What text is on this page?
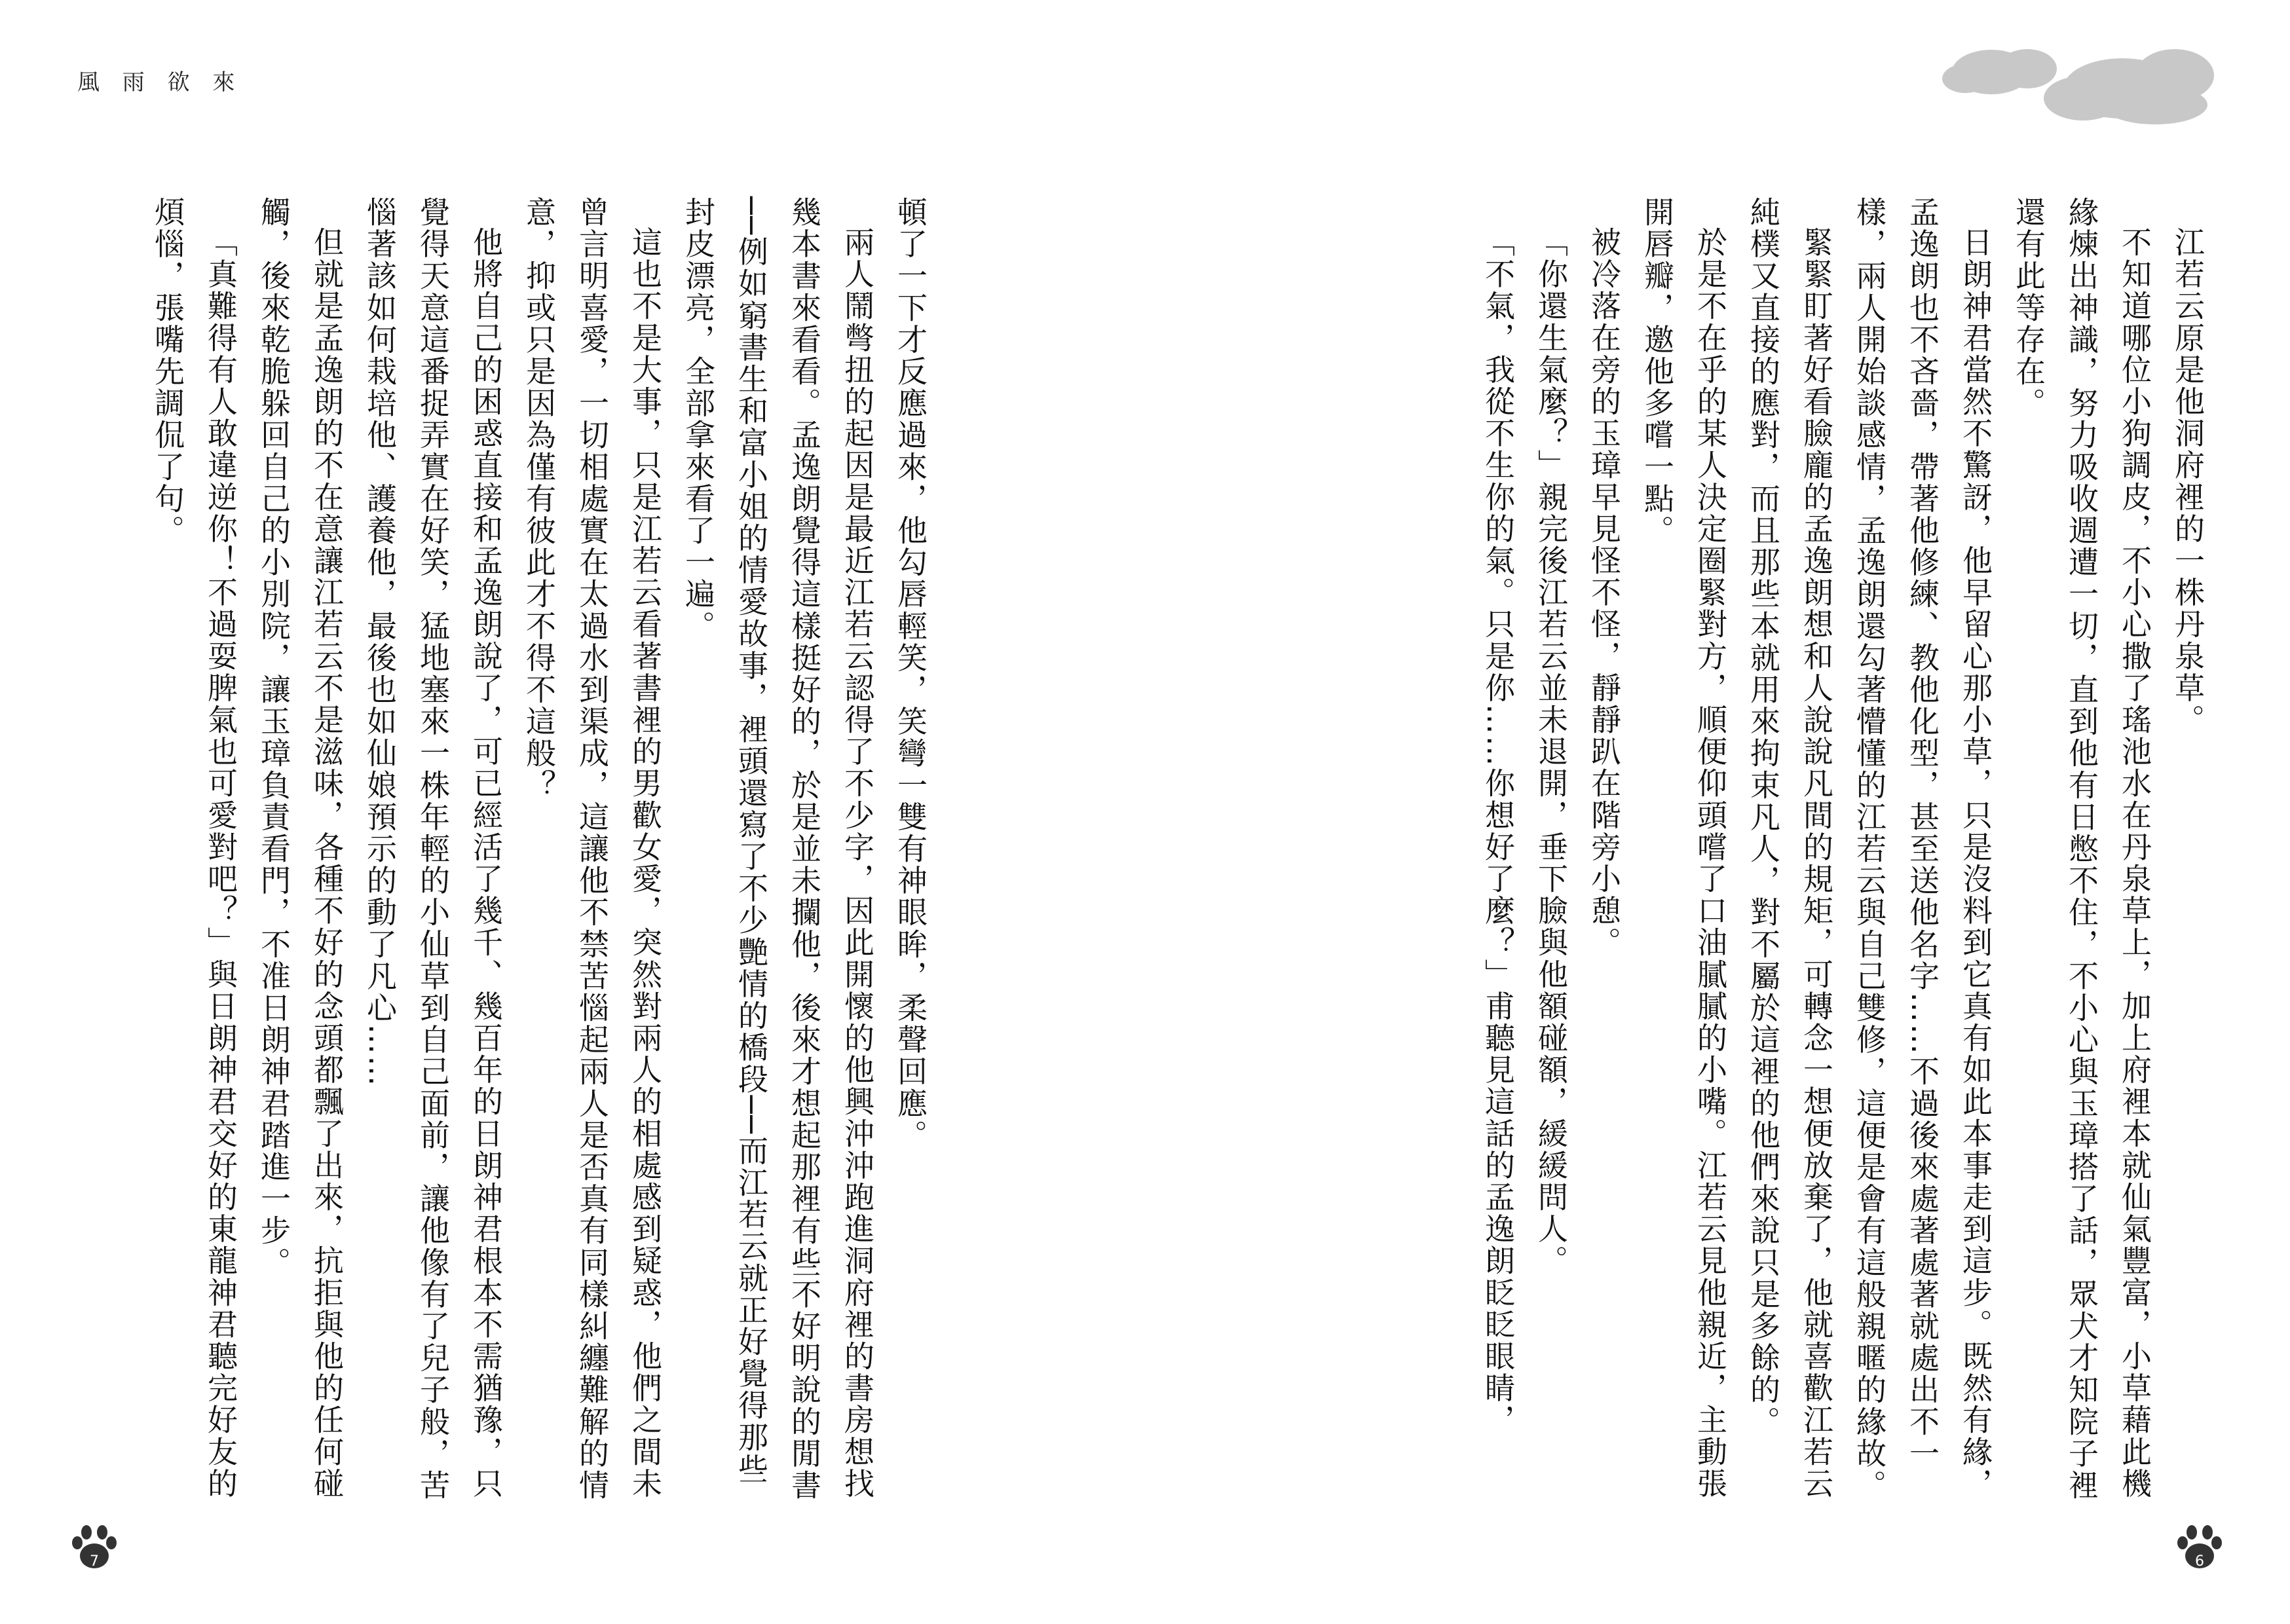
風 雨 欲 來

江若云原是他洞府裡的一株丹泉草。

不知道哪位小狗調皮，不小心撒了瑤池水在丹泉草上，加上府裡本就仙氣豐富，小草藉此機緣煉出神識，努力吸收週遭一切，直到他有日憋不住，不小心與玉璋搭了話，眾犬才知院子裡還有此等存在。

日朗神君當然不驚訝，他早留心那小草，只是沒料到它真有如此本事走到這步。既然有緣，孟逸朗也不吝嗇，帶著他修練、教他化型，甚至送他名字……不過後來處著處著就處出不一樣，兩人開始談感情，孟逸朗還勾著懵懂的江若云與自己雙修，這便是會有這般親暱的緣故。

緊緊盯著好看臉龐的孟逸朗想和人說說凡間的規矩，可轉念一想便放棄了，他就喜歡江若云純樸又直接的應對，而且那些本就用來拘束凡人，對不屬於這裡的他們來說只是多餘的。

於是不在乎的某人決定圈緊對方，順便仰頭嚐了口油膩膩的小嘴。江若云見他親近，主動張開唇瓣，邀他多嚐一點。

被冷落在旁的玉璋早見怪不怪，靜靜趴在階旁小憩。

「你還生氣麼？」親完後江若云並未退開，垂下臉與他額碰額，緩緩問人。

「不氣，我從不生你的氣。只是你……你想好了麼？」甫聽見這話的孟逸朗眨眨眼睛，

頓了一下才反應過來，他勾唇輕笑，笑彎一雙有神眼眸，柔聲回應。

兩人鬧彆扭的起因是最近江若云認得了不少字，因此開懷的他興沖沖跑進洞府裡的書房想找幾本書來看看。孟逸朗覺得這樣挺好的，於是並未攔他，後來才想起那裡有些不好明說的閒書──例如窮書生和富小姐的情愛故事，裡頭還寫了不少艷情的橋段──而江若云就正好覺得那些封皮漂亮，全部拿來看了一遍。

這也不是大事，只是江若云看著書裡的男歡女愛，突然對兩人的相處感到疑惑，他們之間未曾言明喜愛，一切相處實在太過水到渠成，這讓他不禁苦惱起兩人是否真有同樣糾纏難解的情意，抑或只是因為僅有彼此才不得不這般？

他將自己的困惑直接和孟逸朗說了，可已經活了幾千、幾百年的日朗神君根本不需猶豫，只覺得天意這番捉弄實在好笑，猛地塞來一株年輕的小仙草到自己面前，讓他像有了兒子般，苦惱著該如何栽培他、護養他，最後也如仙娘預示的動了凡心……

但就是孟逸朗的不在意讓江若云不是滋味，各種不好的念頭都飄了出來，抗拒與他的任何碰觸，後來乾脆躲回自己的小別院，讓玉璋負責看門，不准日朗神君踏進一步。

「真難得有人敢違逆你！不過耍脾氣也可愛對吧？」與日朗神君交好的東龍神君聽完好友的煩惱，張嘴先調侃了句。

7	6
